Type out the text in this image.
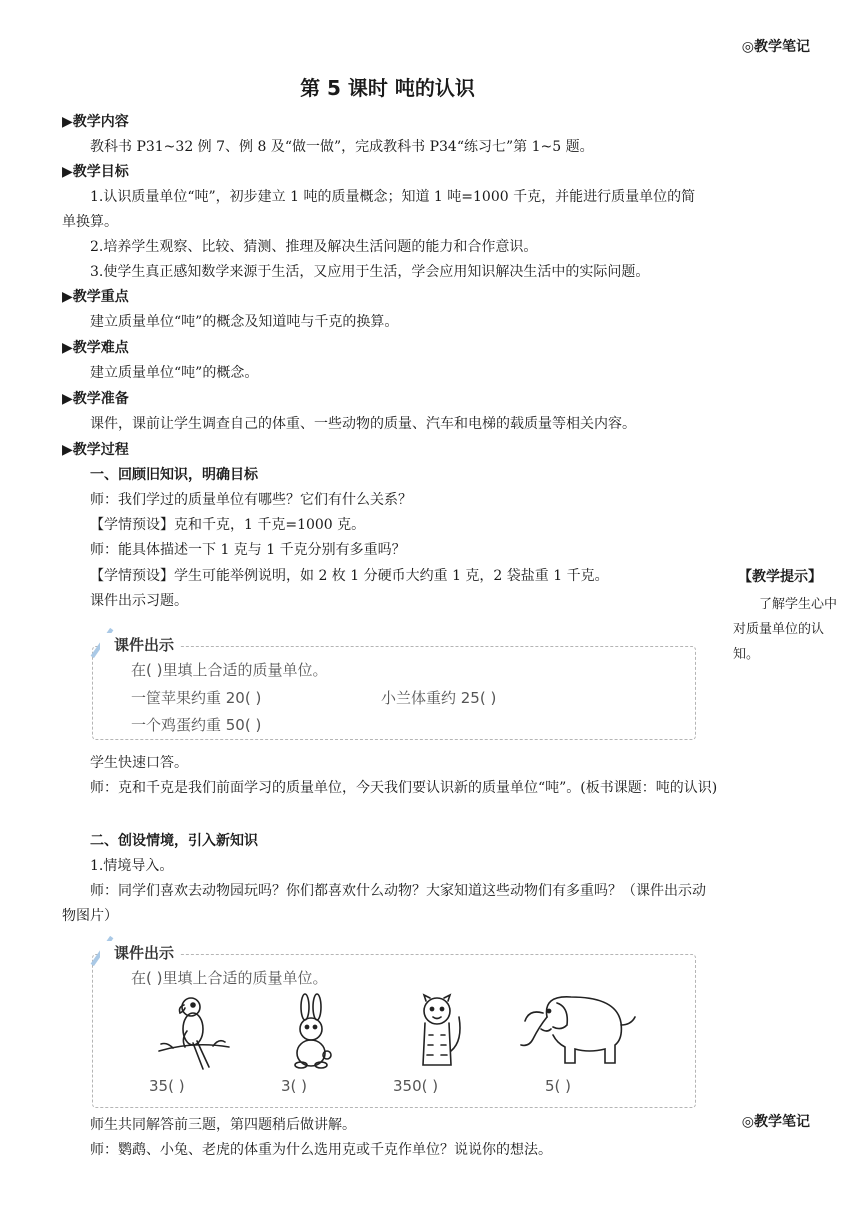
◎教学笔记
第 5 课时 吨的认识
▶教学内容
教科书 P31~32 例 7、例 8 及“做一做”，完成教科书 P34“练习七”第 1~5 题。
▶教学目标
1.认识质量单位“吨”，初步建立 1 吨的质量概念；知道 1 吨=1000 千克，并能进行质量单位的简
单换算。
2.培养学生观察、比较、猜测、推理及解决生活问题的能力和合作意识。
3.使学生真正感知数学来源于生活，又应用于生活，学会应用知识解决生活中的实际问题。
▶教学重点
建立质量单位“吨”的概念及知道吨与千克的换算。
▶教学难点
建立质量单位“吨”的概念。
▶教学准备
课件，课前让学生调查自己的体重、一些动物的质量、汽车和电梯的载质量等相关内容。
▶教学过程
一、回顾旧知识，明确目标
师：我们学过的质量单位有哪些？它们有什么关系？
【学情预设】克和千克，1 千克=1000 克。
师：能具体描述一下 1 克与 1 千克分别有多重吗？
【学情预设】学生可能举例说明，如 2 枚 1 分硬币大约重 1 克，2 袋盐重 1 千克。
课件出示习题。
学生快速口答。
师：克和千克是我们前面学习的质量单位，今天我们要认识新的质量单位“吨”。(板书课题：吨的认识)
二、创设情境，引入新知识
1.情境导入。
师：同学们喜欢去动物园玩吗？你们都喜欢什么动物？大家知道这些动物们有多重吗？（课件出示动物图片）
师生共同解答前三题，第四题稍后做讲解。
师：鹦鹉、小兔、老虎的体重为什么选用克或千克作单位？说说你的想法。
【教学提示】
了解学生心中对质量单位的认知。
在( )里填上合适的质量单位。
一筐苹果约重 20( )	小兰体重约 25( )
一个鸡蛋约重 50( )
课件出示
在( )里填上合适的质量单位。
35( )	3( )	350( )	5( )
课件出示
◎教学笔记
